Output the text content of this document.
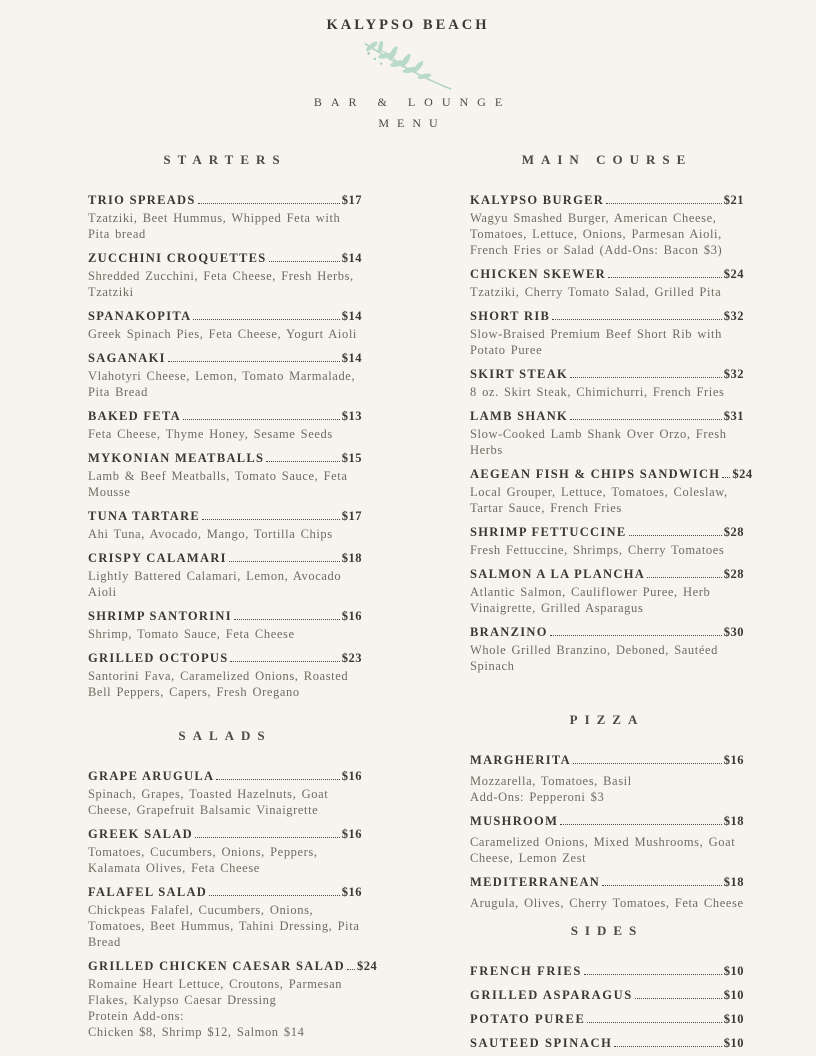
KALYPSO BEACH
BAR & LOUNGE
MENU
STARTERS
TRIO SPREADS	$17

Tzatziki, Beet Hummus, Whipped Feta with Pita bread

ZUCCHINI CROQUETTES	$14

Shredded Zucchini, Feta Cheese, Fresh Herbs, Tzatziki

SPANAKOPITA	$14

Greek Spinach Pies, Feta Cheese, Yogurt Aioli

SAGANAKI	$14

Vlahotyri Cheese, Lemon, Tomato Marmalade, Pita Bread

BAKED FETA	$13

Feta Cheese, Thyme Honey, Sesame Seeds

MYKONIAN MEATBALLS	$15

Lamb & Beef Meatballs, Tomato Sauce, Feta Mousse

TUNA TARTARE	$17

Ahi Tuna, Avocado, Mango, Tortilla Chips

CRISPY CALAMARI	$18

Lightly Battered Calamari, Lemon, Avocado Aioli

SHRIMP SANTORINI	$16

Shrimp, Tomato Sauce, Feta Cheese

GRILLED OCTOPUS	$23

Santorini Fava, Caramelized Onions, Roasted Bell Peppers, Capers, Fresh Oregano

SALADS
GRAPE ARUGULA	$16

Spinach, Grapes, Toasted Hazelnuts, Goat Cheese, Grapefruit Balsamic Vinaigrette

GREEK SALAD	$16

Tomatoes, Cucumbers, Onions, Peppers, Kalamata Olives, Feta Cheese

FALAFEL SALAD	$16

Chickpeas Falafel, Cucumbers, Onions, Tomatoes, Beet Hummus, Tahini Dressing, Pita Bread

GRILLED CHICKEN CAESAR SALAD $24

Romaine Heart Lettuce, Croutons, Parmesan Flakes, Kalypso Caesar Dressing

Protein Add-ons:

Chicken $8, Shrimp $12, Salmon $14

MAIN COURSE
KALYPSO BURGER	$21

Wagyu Smashed Burger, American Cheese, Tomatoes, Lettuce, Onions, Parmesan Aioli, French Fries or Salad (Add-Ons: Bacon $3)

CHICKEN SKEWER	$24

Tzatziki, Cherry Tomato Salad, Grilled Pita

SHORT RIB	$32

Slow-Braised Premium Beef Short Rib with Potato Puree

SKIRT STEAK	$32

8 oz. Skirt Steak, Chimichurri, French Fries

LAMB SHANK	$31

Slow-Cooked Lamb Shank Over Orzo, Fresh Herbs

AEGEAN FISH & CHIPS SANDWICH $24

Local Grouper, Lettuce, Tomatoes, Coleslaw, Tartar Sauce, French Fries

SHRIMP FETTUCCINE	$28

Fresh Fettuccine, Shrimps, Cherry Tomatoes

SALMON A LA PLANCHA	$28

Atlantic Salmon, Cauliflower Puree, Herb Vinaigrette, Grilled Asparagus

BRANZINO	$30

Whole Grilled Branzino, Deboned, Sautéed Spinach

PIZZA
MARGHERITA	$16

Mozzarella, Tomatoes, Basil

Add-Ons: Pepperoni $3

MUSHROOM	$18

Caramelized Onions, Mixed Mushrooms, Goat Cheese, Lemon Zest

MEDITERRANEAN	$18

Arugula, Olives, Cherry Tomatoes, Feta Cheese

SIDES
FRENCH FRIES	$10
GRILLED ASPARAGUS	$10
POTATO PUREE	$10
SAUTEED SPINACH	$10
